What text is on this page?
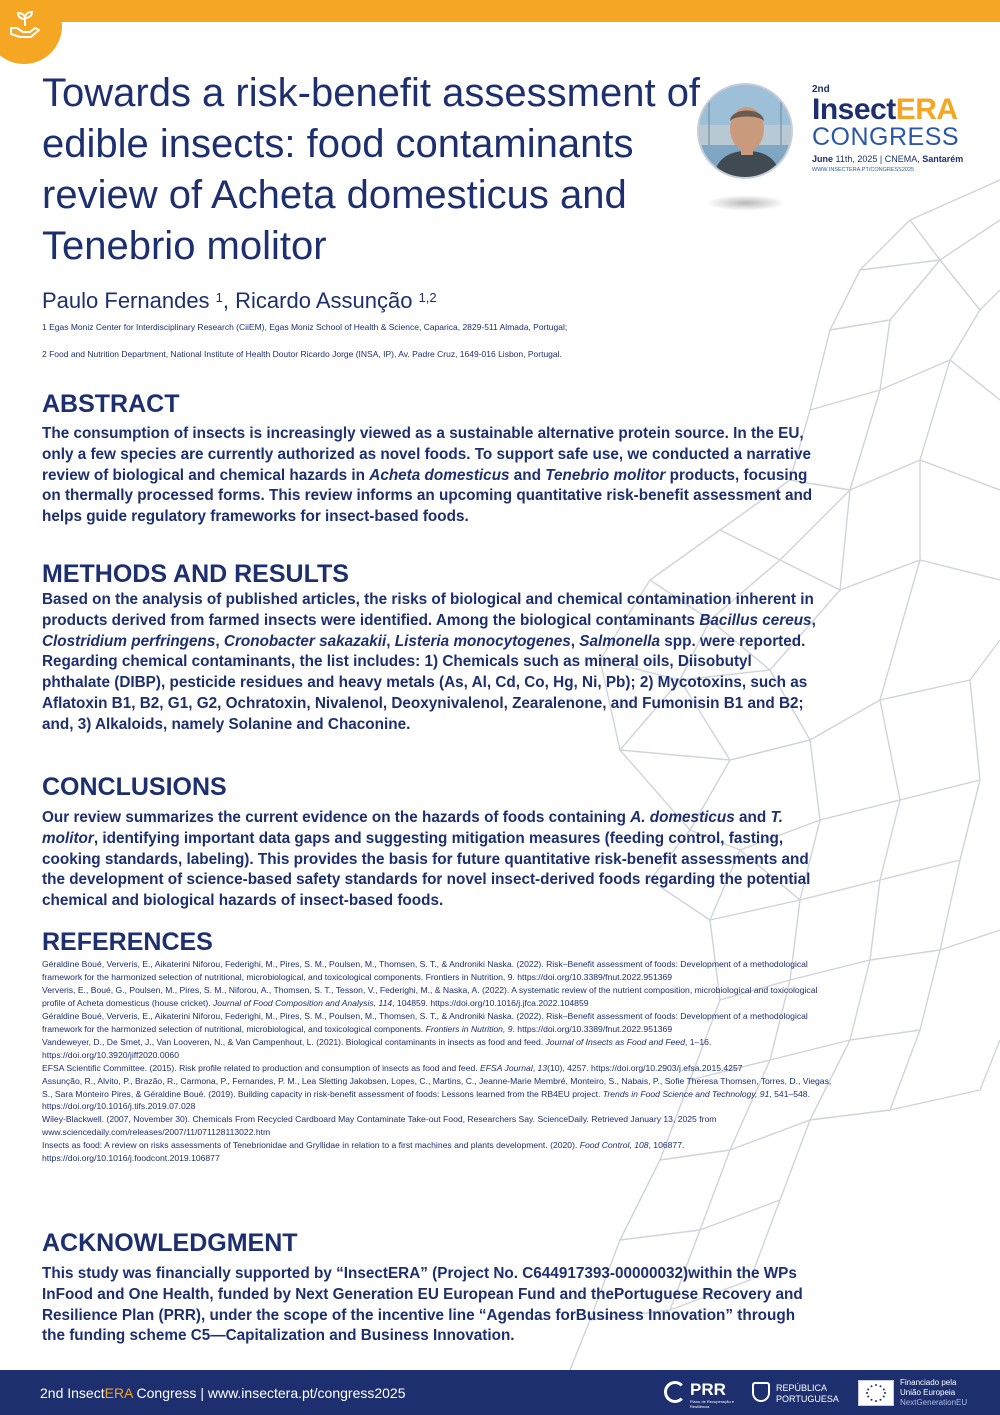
Towards a risk-benefit assessment of edible insects: food contaminants review of Acheta domesticus and Tenebrio molitor
2nd
InsectERA
CONGRESS
June 11th, 2025 | CNEMA, Santarém
WWW.INSECTERA.PT/CONGRESS2025
Paulo Fernandes $^1$, Ricardo Assunção $^{1,2}$
1 Egas Moniz Center for Interdisciplinary Research (CiiEM), Egas Moniz School of Health & Science, Caparica, 2829-511 Almada, Portugal;
2 Food and Nutrition Department, National Institute of Health Doutor Ricardo Jorge (INSA, IP), Av. Padre Cruz, 1649-016 Lisbon, Portugal.
ABSTRACT

The consumption of insects is increasingly viewed as a sustainable alternative protein source. In the EU, only a few species are currently authorized as novel foods. To support safe use, we conducted a narrative review of biological and chemical hazards in Acheta domesticus and Tenebrio molitor products, focusing on thermally processed forms. This review informs an upcoming quantitative risk-benefit assessment and helps guide regulatory frameworks for insect-based foods.

METHODS AND RESULTS

Based on the analysis of published articles, the risks of biological and chemical contamination inherent in products derived from farmed insects were identified. Among the biological contaminants Bacillus cereus, Clostridium perfringens, Cronobacter sakazakii, Listeria monocytogenes, Salmonella spp. were reported. Regarding chemical contaminants, the list includes: 1) Chemicals such as mineral oils, Diisobutyl phthalate (DIBP), pesticide residues and heavy metals (As, Al, Cd, Co, Hg, Ni, Pb); 2) Mycotoxins, such as Aflatoxin B1, B2, G1, G2, Ochratoxin, Nivalenol, Deoxynivalenol, Zearalenone, and Fumonisin B1 and B2; and, 3) Alkaloids, namely Solanine and Chaconine.

CONCLUSIONS

Our review summarizes the current evidence on the hazards of foods containing A. domesticus and T. molitor, identifying important data gaps and suggesting mitigation measures (feeding control, fasting, cooking standards, labeling). This provides the basis for future quantitative risk-benefit assessments and the development of science-based safety standards for novel insect-derived foods regarding the potential chemical and biological hazards of insect-based foods.

REFERENCES
Géraldine Boué, Ververis, E., Aikaterini Niforou, Federighi, M., Pires, S. M., Poulsen, M., Thomsen, S. T., & Androniki Naska. (2022). Risk–Benefit assessment of foods: Development of a methodological framework for the harmonized selection of nutritional, microbiological, and toxicological components. Frontiers in Nutrition, 9. https://doi.org/10.3389/fnut.2022.951369
Ververis, E., Boué, G., Poulsen, M., Pires, S. M., Niforou, A., Thomsen, S. T., Tesson, V., Federighi, M., & Naska, A. (2022). A systematic review of the nutrient composition, microbiological and toxicological profile of Acheta domesticus (house cricket). Journal of Food Composition and Analysis, 114, 104859. https://doi.org/10.1016/j.jfca.2022.104859
Géraldine Boué, Ververis, E., Aikaterini Niforou, Federighi, M., Pires, S. M., Poulsen, M., Thomsen, S. T., & Androniki Naska. (2022). Risk–Benefit assessment of foods: Development of a methodological framework for the harmonized selection of nutritional, microbiological, and toxicological components. Frontiers in Nutrition, 9. https://doi.org/10.3389/fnut.2022.951369
Vandeweyer, D., De Smet, J., Van Looveren, N., & Van Campenhout, L. (2021). Biological contaminants in insects as food and feed. Journal of Insects as Food and Feed, 1–16. https://doi.org/10.3920/jiff2020.0060
EFSA Scientific Committee. (2015). Risk profile related to production and consumption of insects as food and feed. EFSA Journal, 13(10), 4257. https://doi.org/10.2903/j.efsa.2015.4257
Assunção, R., Alvito, P., Brazão, R., Carmona, P., Fernandes, P. M., Lea Sletting Jakobsen, Lopes, C., Martins, C., Jeanne-Marie Membré, Monteiro, S., Nabais, P., Sofie Theresa Thomsen, Torres, D., Viegas, S., Sara Monteiro Pires, & Géraldine Boué. (2019). Building capacity in risk-benefit assessment of foods: Lessons learned from the RB4EU project. Trends in Food Science and Technology, 91, 541–548. https://doi.org/10.1016/j.tifs.2019.07.028
Wiley-Blackwell. (2007, November 30). Chemicals From Recycled Cardboard May Contaminate Take-out Food, Researchers Say. ScienceDaily. Retrieved January 13, 2025 from www.sciencedaily.com/releases/2007/11/071128113022.htm
Insects as food: A review on risks assessments of Tenebrionidae and Gryllidae in relation to a first machines and plants development. (2020). Food Control, 108, 106877. https://doi.org/10.1016/j.foodcont.2019.106877
ACKNOWLEDGMENT

This study was financially supported by “InsectERA” (Project No. C644917393-00000032)within the WPs InFood and One Health, funded by Next Generation EU European Fund and thePortuguese Recovery and Resilience Plan (PRR), under the scope of the incentive line “Agendas forBusiness Innovation” through the funding scheme C5—Capitalization and Business Innovation.

2nd InsectERA Congress | www.insectera.pt/congress2025	PRR
Plano de Recuperação e Resiliência
REPÚBLICA PORTUGUESA
Financiado pela
União Europeia
NextGenerationEU
